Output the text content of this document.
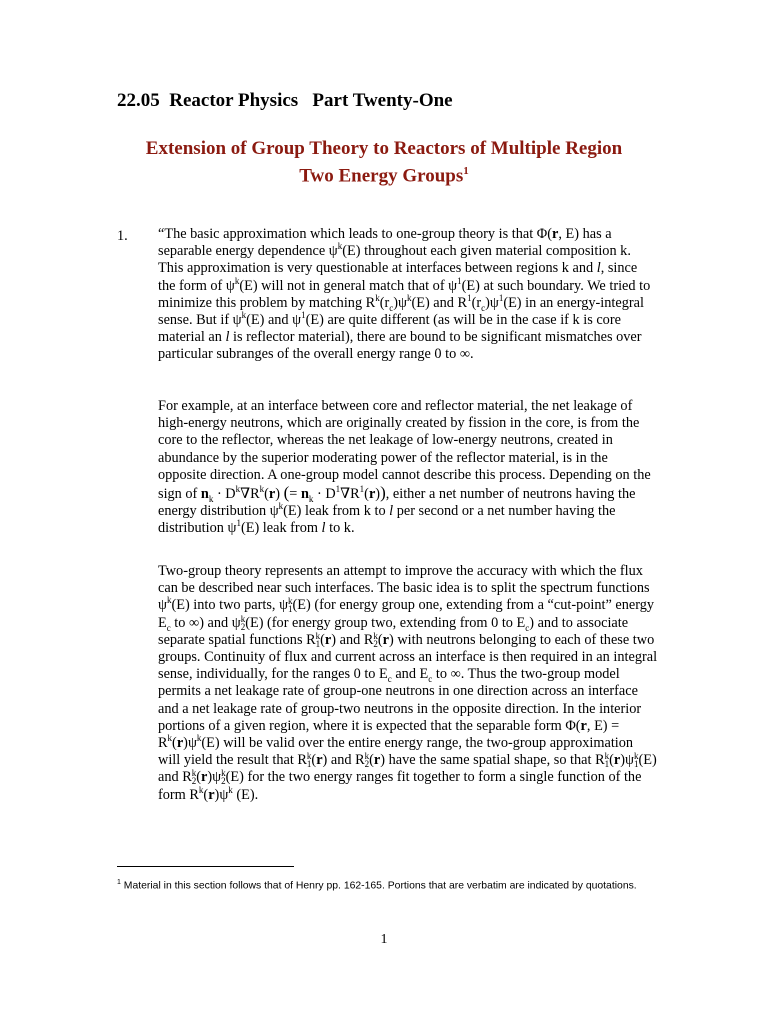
22.05  Reactor Physics   Part Twenty-One
Extension of Group Theory to Reactors of Multiple Region
Two Energy Groups$^1$
1. “The basic approximation which leads to one-group theory is that Φ(r, E) has a separable energy dependence $\psi^k(E)$ throughout each given material composition k. This approximation is very questionable at interfaces between regions k and l, since the form of $\psi^k(E)$ will not in general match that of $\psi^1(E)$ at such boundary. We tried to minimize this problem by matching $R^k(r_c)\psi^k(E)$ and $R^1(r_c)\psi^1(E)$ in an energy-integral sense. But if $\psi^k(E)$ and $\psi^1(E)$ are quite different (as will be in the case if k is core material an l is reflector material), there are bound to be significant mismatches over particular subranges of the overall energy range 0 to ∞.

For example, at an interface between core and reflector material, the net leakage of high-energy neutrons, which are originally created by fission in the core, is from the core to the reflector, whereas the net leakage of low-energy neutrons, created in abundance by the superior moderating power of the reflector material, is in the opposite direction. A one-group model cannot describe this process. Depending on the sign of $n_k \cdot D^k\nabla R^k(r)$ (= $n_k \cdot D^1\nabla R^1(r)$), either a net number of neutrons having the energy distribution $\psi^k(E)$ leak from k to l per second or a net number having the distribution $\psi^1(E)$ leak from l to k.

Two-group theory represents an attempt to improve the accuracy with which the flux can be described near such interfaces. The basic idea is to split the spectrum functions $\psi^k(E)$ into two parts, ψ k
1 (E) (for energy group one, extending from a “cut-point” energy $E_c$ to ∞) and ψ k
2 (E) (for energy group two, extending from 0 to $E_c$) and to associate separate spatial functions R k
1 (r) and R k
2 (r) with neutrons belonging to each of these two groups. Continuity of flux and current across an interface is then required in an integral sense, individually, for the ranges 0 to $E_c$ and $E_c$ to ∞. Thus the two-group model permits a net leakage rate of group-one neutrons in one direction across an interface and a net leakage rate of group-two neutrons in the opposite direction. In the interior portions of a given region, where it is expected that the separable form Φ(r, $E) = R^k(r)\psi^k(E)$ will be valid over the entire energy range, the two-group approximation will yield the result that R k
1 (r) and R k
2 (r) have the same spatial shape, so that R k
1 (r)ψ k
1 (E) and R k
2 (r)ψ k
2 (E) for the two energy ranges fit together to form a single function of the form $R^k(r)\psi^k$ (E).

$^1$ Material in this section follows that of Henry pp. 162-165. Portions that are verbatim are indicated by quotations.

1
